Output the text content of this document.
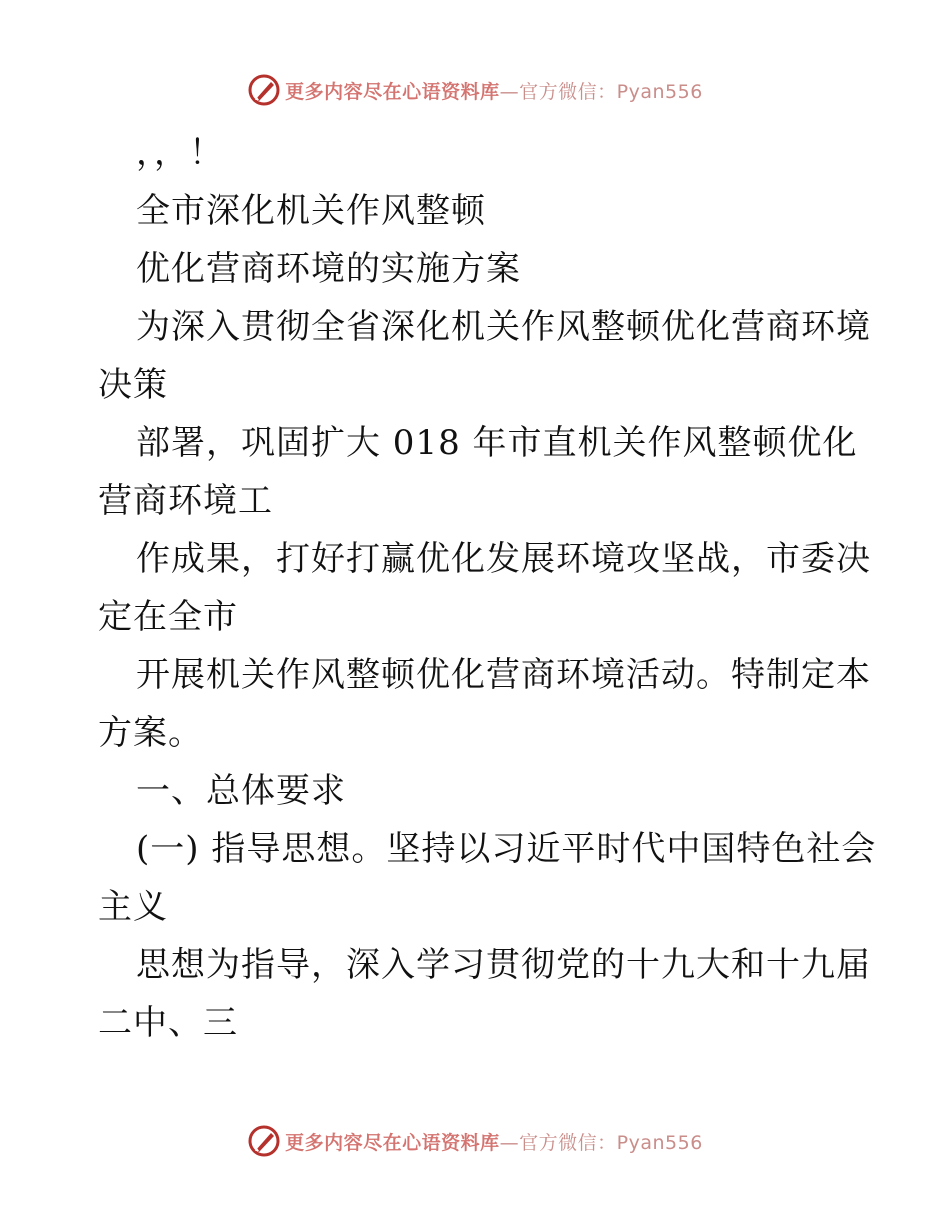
更多内容尽在心语资料库—官方微信：Pyan556
，，！
全市深化机关作风整顿
优化营商环境的实施方案
为深入贯彻全省深化机关作风整顿优化营商环境
决策
部署，巩固扩大 018 年市直机关作风整顿优化
营商环境工
作成果，打好打赢优化发展环境攻坚战，市委决
定在全市
开展机关作风整顿优化营商环境活动。特制定本
方案。
一、总体要求
(一) 指导思想。坚持以习近平时代中国特色社会
主义
思想为指导，深入学习贯彻党的十九大和十九届
二中、三
更多内容尽在心语资料库—官方微信：Pyan556
